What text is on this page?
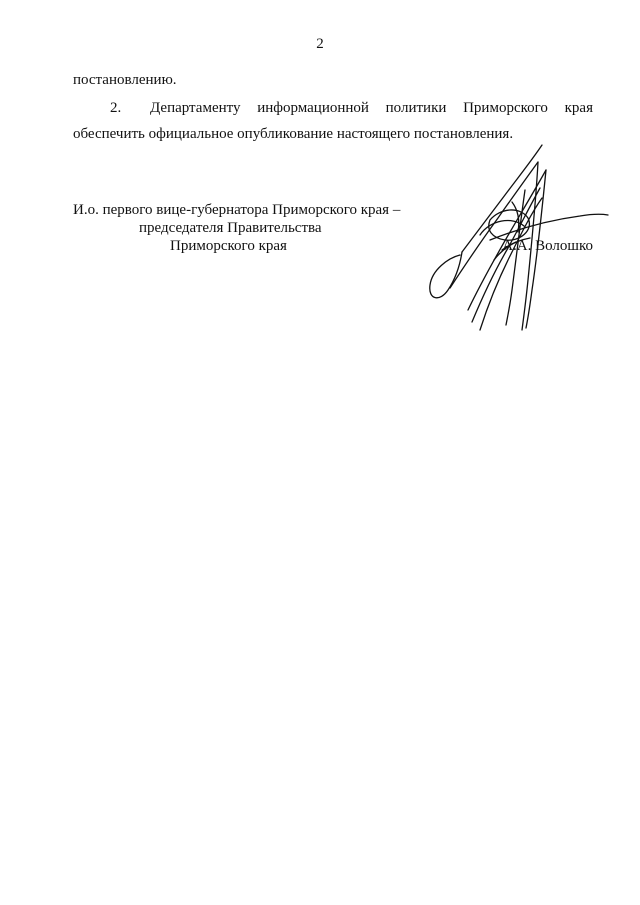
2
постановлению.
2.	Департаменту информационной политики Приморского края
обеспечить официальное опубликование настоящего постановления.
И.о. первого вице-губернатора Приморского края –
председателя Правительства
Приморского края	А.А. Волошко
